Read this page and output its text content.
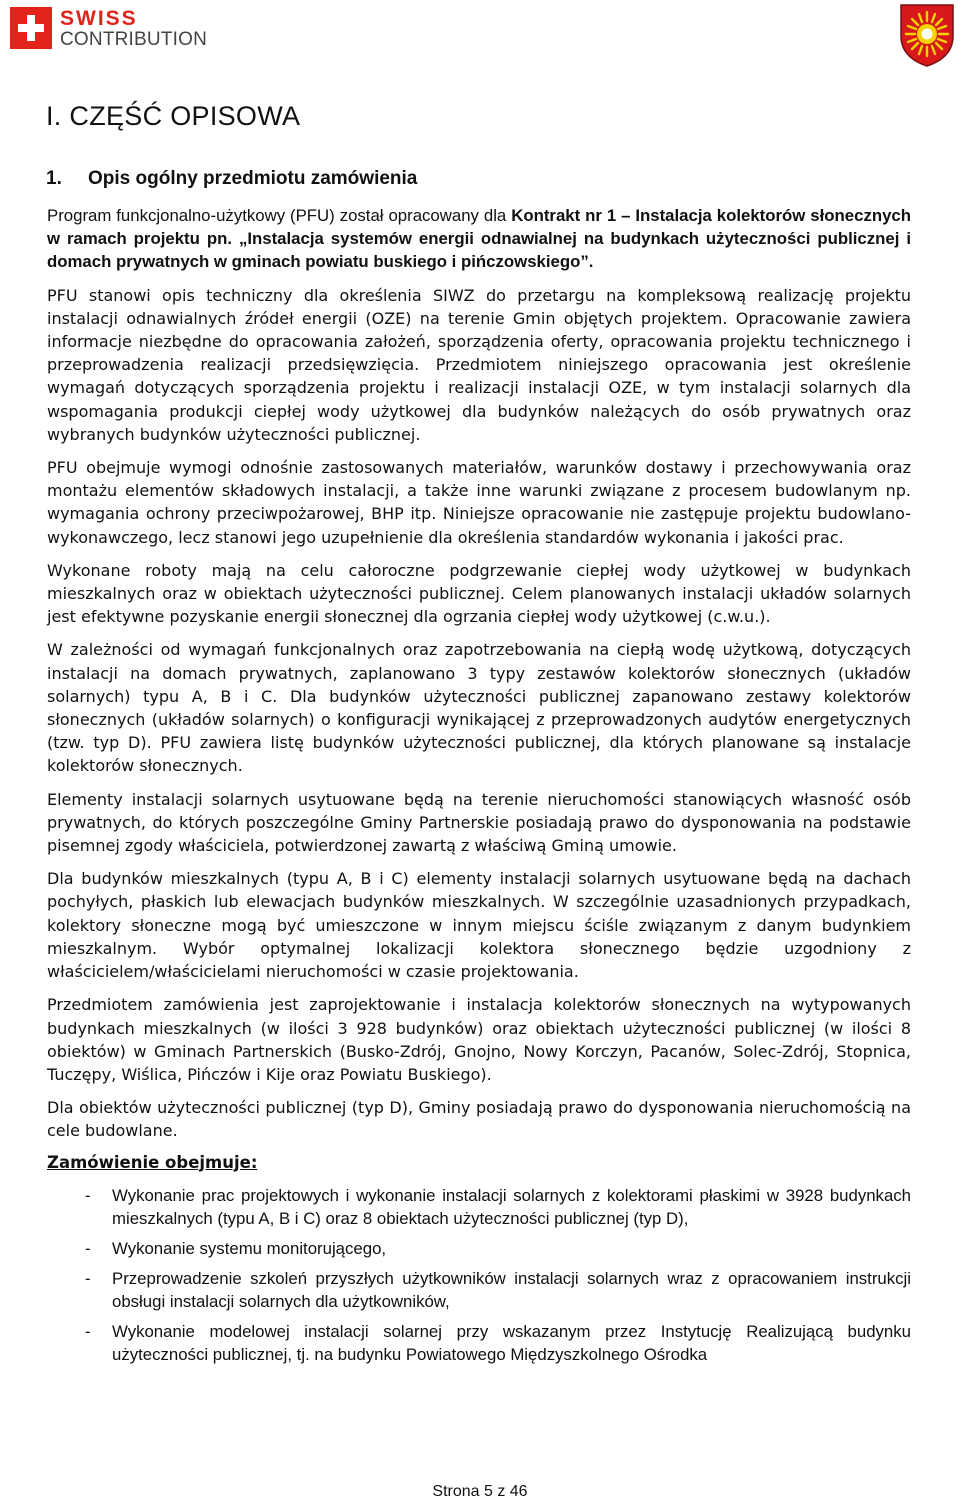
SWISS
CONTRIBUTION
I. CZĘŚĆ OPISOWA
1. Opis ogólny przedmiotu zamówienia

Program funkcjonalno-użytkowy (PFU) został opracowany dla Kontrakt nr 1 – Instalacja kolektorów słonecznych w ramach projektu pn. „Instalacja systemów energii odnawialnej na budynkach użyteczności publicznej i domach prywatnych w gminach powiatu buskiego i pińczowskiego”.

PFU stanowi opis techniczny dla określenia SIWZ do przetargu na kompleksową realizację projektu instalacji odnawialnych źródeł energii (OZE) na terenie Gmin objętych projektem. Opracowanie zawiera informacje niezbędne do opracowania założeń, sporządzenia oferty, opracowania projektu technicznego i przeprowadzenia realizacji przedsięwzięcia. Przedmiotem niniejszego opracowania jest określenie wymagań dotyczących sporządzenia projektu i realizacji instalacji OZE, w tym instalacji solarnych dla wspomagania produkcji ciepłej wody użytkowej dla budynków należących do osób prywatnych oraz wybranych budynków użyteczności publicznej.

PFU obejmuje wymogi odnośnie zastosowanych materiałów, warunków dostawy i przechowywania oraz montażu elementów składowych instalacji, a także inne warunki związane z procesem budowlanym np. wymagania ochrony przeciwpożarowej, BHP itp. Niniejsze opracowanie nie zastępuje projektu budowlano-wykonawczego, lecz stanowi jego uzupełnienie dla określenia standardów wykonania i jakości prac.

Wykonane roboty mają na celu całoroczne podgrzewanie ciepłej wody użytkowej w budynkach mieszkalnych oraz w obiektach użyteczności publicznej. Celem planowanych instalacji układów solarnych jest efektywne pozyskanie energii słonecznej dla ogrzania ciepłej wody użytkowej (c.w.u.).

W zależności od wymagań funkcjonalnych oraz zapotrzebowania na ciepłą wodę użytkową, dotyczących instalacji na domach prywatnych, zaplanowano 3 typy zestawów kolektorów słonecznych (układów solarnych) typu A, B i C. Dla budynków użyteczności publicznej zapanowano zestawy kolektorów słonecznych (układów solarnych) o konfiguracji wynikającej z przeprowadzonych audytów energetycznych (tzw. typ D). PFU zawiera listę budynków użyteczności publicznej, dla których planowane są instalacje kolektorów słonecznych.

Elementy instalacji solarnych usytuowane będą na terenie nieruchomości stanowiących własność osób prywatnych, do których poszczególne Gminy Partnerskie posiadają prawo do dysponowania na podstawie pisemnej zgody właściciela, potwierdzonej zawartą z właściwą Gminą umowie.

Dla budynków mieszkalnych (typu A, B i C) elementy instalacji solarnych usytuowane będą na dachach pochyłych, płaskich lub elewacjach budynków mieszkalnych. W szczególnie uzasadnionych przypadkach, kolektory słoneczne mogą być umieszczone w innym miejscu ściśle związanym z danym budynkiem mieszkalnym. Wybór optymalnej lokalizacji kolektora słonecznego będzie uzgodniony z właścicielem/właścicielami nieruchomości w czasie projektowania.

Przedmiotem zamówienia jest zaprojektowanie i instalacja kolektorów słonecznych na wytypowanych budynkach mieszkalnych (w ilości 3 928 budynków) oraz obiektach użyteczności publicznej (w ilości 8 obiektów) w Gminach Partnerskich (Busko-Zdrój, Gnojno, Nowy Korczyn, Pacanów, Solec-Zdrój, Stopnica, Tuczępy, Wiślica, Pińczów i Kije oraz Powiatu Buskiego).

Dla obiektów użyteczności publicznej (typ D), Gminy posiadają prawo do dysponowania nieruchomością na cele budowlane.

Zamówienie obejmuje:

- Wykonanie prac projektowych i wykonanie instalacji solarnych z kolektorami płaskimi w 3928 budynkach mieszkalnych (typu A, B i C) oraz 8 obiektach użyteczności publicznej (typ D),
- Wykonanie systemu monitorującego,
- Przeprowadzenie szkoleń przyszłych użytkowników instalacji solarnych wraz z opracowaniem instrukcji obsługi instalacji solarnych dla użytkowników,
- Wykonanie modelowej instalacji solarnej przy wskazanym przez Instytucję Realizującą budynku użyteczności publicznej, tj. na budynku Powiatowego Międzyszkolnego Ośrodka
Strona 5 z 46
